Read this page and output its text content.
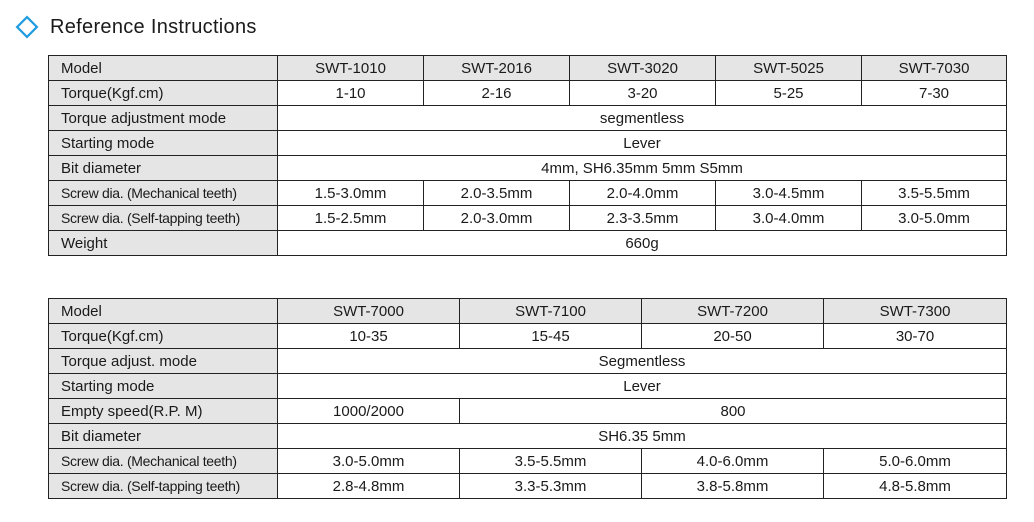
Reference Instructions
Model	SWT-1010	SWT-2016	SWT-3020	SWT-5025	SWT-7030
Torque(Kgf.cm)	1-10	2-16	3-20	5-25	7-30
Torque adjustment mode	segmentless				
Starting mode	Lever				
Bit diameter	4mm, SH6.35mm 5mm S5mm				
Screw dia. (Mechanical teeth)	1.5-3.0mm	2.0-3.5mm	2.0-4.0mm	3.0-4.5mm	3.5-5.5mm
Screw dia. (Self-tapping teeth)	1.5-2.5mm	2.0-3.0mm	2.3-3.5mm	3.0-4.0mm	3.0-5.0mm
Weight	660g				
Model	SWT-7000	SWT-7100	SWT-7200	SWT-7300
Torque(Kgf.cm)	10-35	15-45	20-50	30-70
Torque adjust. mode	Segmentless			
Starting mode	Lever			
Empty speed(R.P. M)	1000/2000	800		
Bit diameter	SH6.35 5mm			
Screw dia. (Mechanical teeth)	3.0-5.0mm	3.5-5.5mm	4.0-6.0mm	5.0-6.0mm
Screw dia. (Self-tapping teeth)	2.8-4.8mm	3.3-5.3mm	3.8-5.8mm	4.8-5.8mm
